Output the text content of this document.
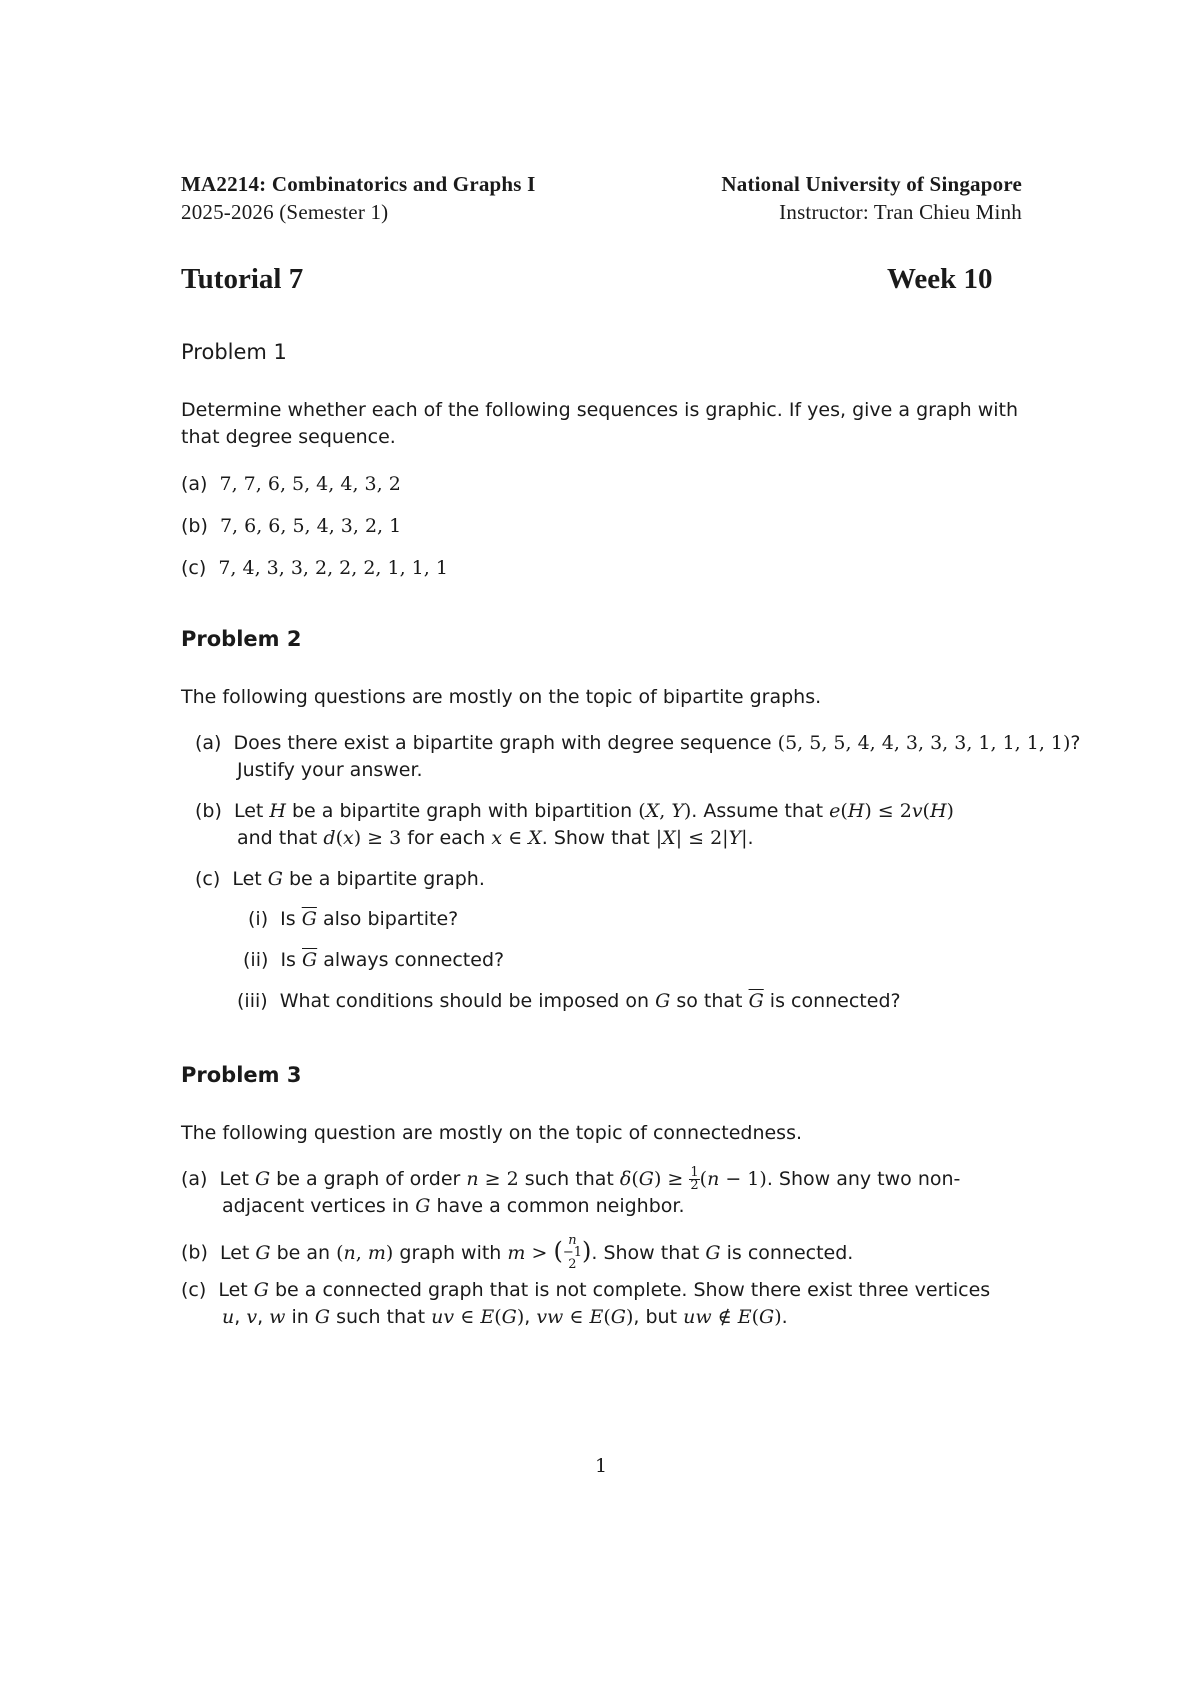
MA2214: Combinatorics and Graphs I	National University of Singapore
2025-2026 (Semester 1)	Instructor: Tran Chieu Minh
Tutorial 7	Week 10
Problem 1
Determine whether each of the following sequences is graphic. If yes, give a graph with
that degree sequence.
(a) 7, 7, 6, 5, 4, 4, 3, 2
(b) 7, 6, 6, 5, 4, 3, 2, 1
(c) 7, 4, 3, 3, 2, 2, 2, 1, 1, 1
Problem 2
The following questions are mostly on the topic of bipartite graphs.
(a) Does there exist a bipartite graph with degree sequence (5, 5, 5, 4, 4, 3, 3, 3, 1, 1, 1, 1)?
Justify your answer.
(b) Let H be a bipartite graph with bipartition (X, Y). Assume that e(H) ≤ 2v(H)
and that d(x) ≥ 3 for each x ∈ X. Show that |X| ≤ 2|Y|.
(c) Let G be a bipartite graph.
(i) Is $\overline{G}$ also bipartite?
(ii) Is $\overline{G}$ always connected?
(iii) What conditions should be imposed on G so that $\overline{G}$ is connected?
Problem 3
The following question are mostly on the topic of connectedness.
(a) Let G be a graph of order n ≥ 2 such that $\delta(G) \ge \frac{1}{2} (n - 1)$. Show any two non-
adjacent vertices in G have a common neighbor.
(b) Let G be an (n, m) graph with m > ( n
−1
2 ). Show that G is connected.
(c) Let G be a connected graph that is not complete. Show there exist three vertices
u, v, w in G such that uv ∈ E(G), vw ∈ E(G), but uw ∉ E(G).
1
